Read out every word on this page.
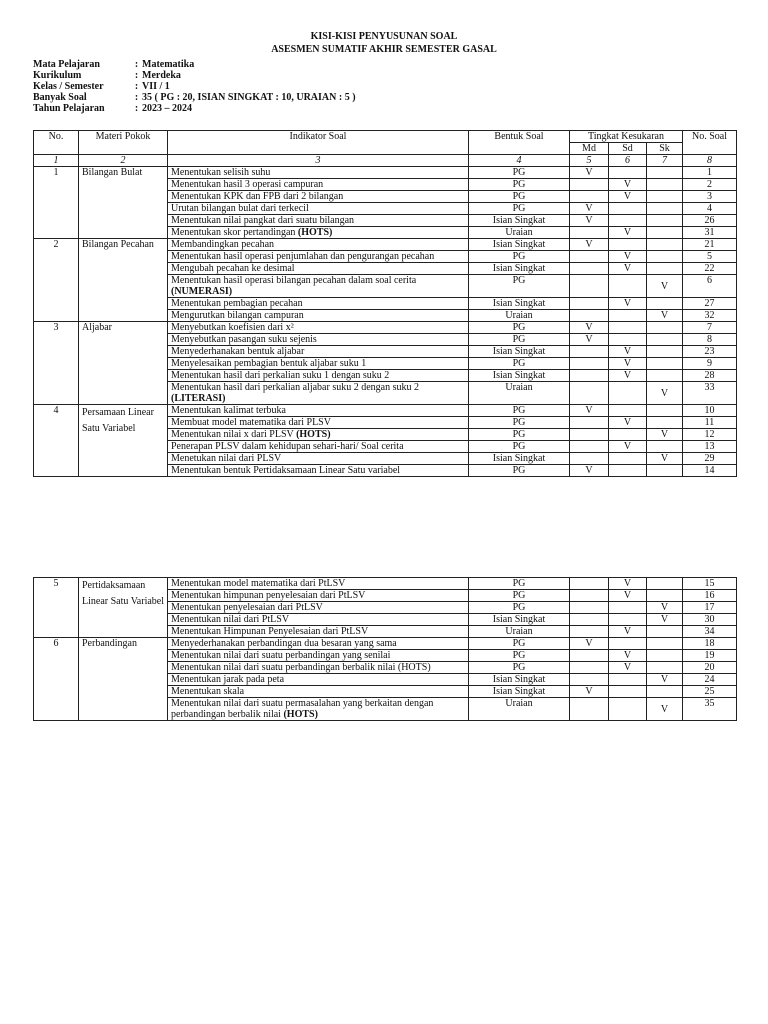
KISI-KISI PENYUSUNAN SOAL
ASESMEN SUMATIF AKHIR SEMESTER GASAL
Mata Pelajaran	: Matematika
Kurikulum	: Merdeka
Kelas / Semester	: VII / 1
Banyak Soal	: 35 ( PG : 20, ISIAN SINGKAT : 10, URAIAN : 5 )
Tahun Pelajaran	: 2023 – 2024
No.	Materi Pokok	Indikator Soal	Bentuk Soal	Tingkat Kesukaran			No. Soal
				Md	Sd	Sk	
1	2	3	4	5	6	7	8
1	Bilangan Bulat	Menentukan selisih suhu	PG	V			1
		Menentukan hasil 3 operasi campuran	PG		V		2
		Menentukan KPK dan FPB dari 2 bilangan	PG		V		3
		Urutan bilangan bulat dari terkecil	PG	V			4
		Menentukan nilai pangkat dari suatu bilangan	Isian Singkat	V			26
		Menentukan skor pertandingan (HOTS)	Uraian		V		31
2	Bilangan Pecahan	Membandingkan pecahan	Isian Singkat	V			21
		Menentukan hasil operasi penjumlahan dan pengurangan pecahan	PG		V		5
		Mengubah pecahan ke desimal	Isian Singkat		V		22
		Menentukan hasil operasi bilangan pecahan dalam soal cerita
(NUMERASI)	PG			V	6
		Menentukan pembagian pecahan	Isian Singkat		V		27
		Mengurutkan bilangan campuran	Uraian			V	32
3	Aljabar	Menyebutkan koefisien dari x²	PG	V			7
		Menyebutkan pasangan suku sejenis	PG	V			8
		Menyederhanakan bentuk aljabar	Isian Singkat		V		23
		Menyelesaikan pembagian bentuk aljabar suku 1	PG		V		9
		Menentukan hasil dari perkalian suku 1 dengan suku 2	Isian Singkat		V		28
		Menentukan hasil dari perkalian aljabar suku 2 dengan suku 2
(LITERASI)	Uraian			V	33
4	Persamaan Linear Satu Variabel	Menentukan kalimat terbuka	PG	V			10
		Membuat model matematika dari PLSV	PG		V		11
		Menentukan nilai x dari PLSV (HOTS)	PG			V	12
		Penerapan PLSV dalam kehidupan sehari-hari/ Soal cerita	PG		V		13
		Menetukan nilai dari PLSV	Isian Singkat			V	29
		Menentukan bentuk Pertidaksamaan Linear Satu variabel	PG	V			14
5	Pertidaksamaan Linear Satu Variabel	Menentukan model matematika dari PtLSV	PG		V		15
		Menentukan himpunan penyelesaian dari PtLSV	PG		V		16
		Menentukan penyelesaian dari PtLSV	PG			V	17
		Menentukan nilai dari PtLSV	Isian Singkat			V	30
		Menentukan Himpunan Penyelesaian dari PtLSV	Uraian		V		34
6	Perbandingan	Menyederhanakan perbandingan dua besaran yang sama	PG	V			18
		Menentukan nilai dari suatu perbandingan yang senilai	PG		V		19
		Menentukan nilai dari suatu perbandingan berbalik nilai (HOTS)	PG		V		20
		Menentukan jarak pada peta	Isian Singkat			V	24
		Menentukan skala	Isian Singkat	V			25
		Menentukan nilai dari suatu permasalahan yang berkaitan dengan
perbandingan berbalik nilai (HOTS)	Uraian			V	35
